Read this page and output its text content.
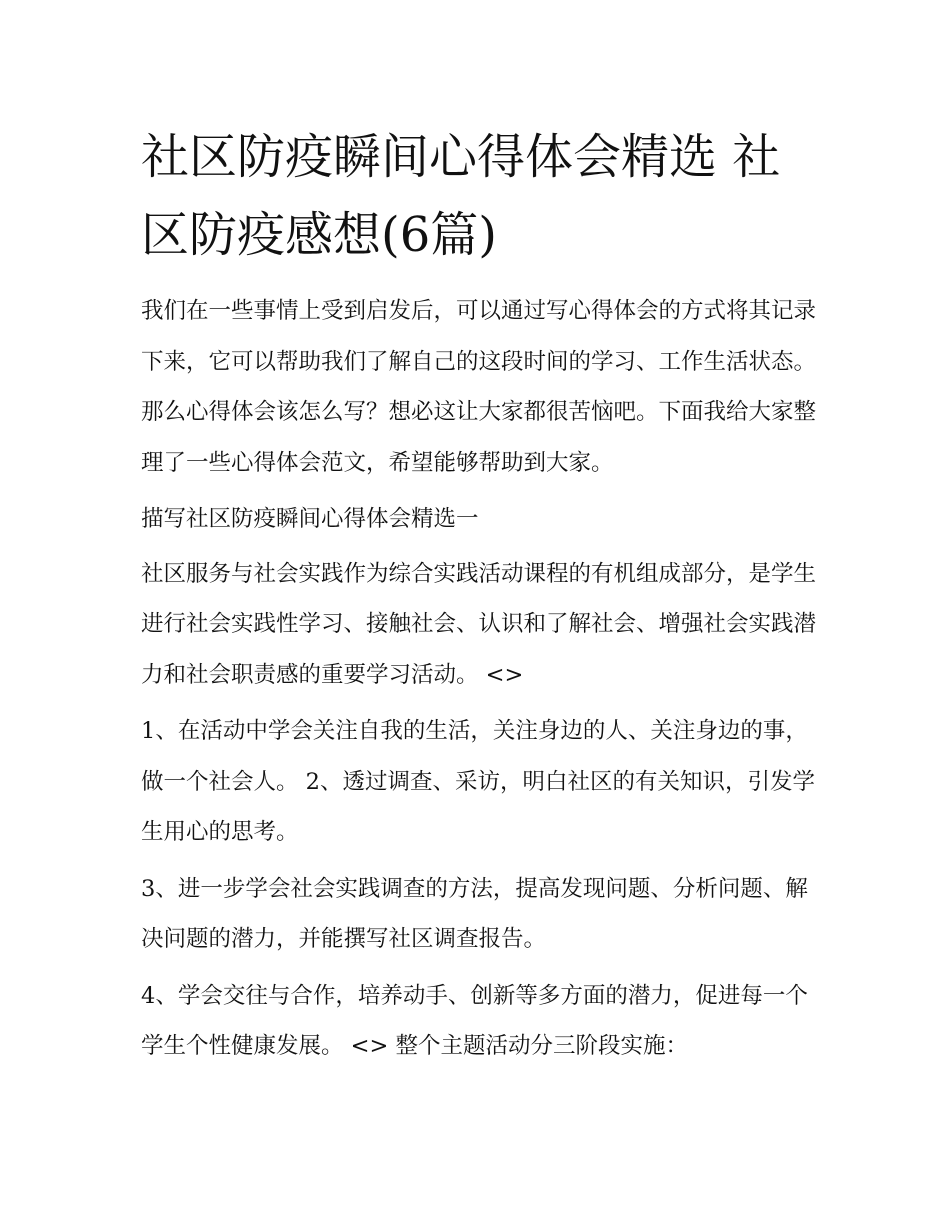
社区防疫瞬间心得体会精选 社区防疫感想(6篇)

我们在一些事情上受到启发后，可以通过写心得体会的方式将其记录下来，它可以帮助我们了解自己的这段时间的学习、工作生活状态。那么心得体会该怎么写？想必这让大家都很苦恼吧。下面我给大家整理了一些心得体会范文，希望能够帮助到大家。

描写社区防疫瞬间心得体会精选一

社区服务与社会实践作为综合实践活动课程的有机组成部分，是学生进行社会实践性学习、接触社会、认识和了解社会、增强社会实践潜力和社会职责感的重要学习活动。 <>

1、在活动中学会关注自我的生活，关注身边的人、关注身边的事，做一个社会人。 2、透过调查、采访，明白社区的有关知识，引发学生用心的思考。

3、进一步学会社会实践调查的方法，提高发现问题、分析问题、解决问题的潜力，并能撰写社区调查报告。

4、学会交往与合作，培养动手、创新等多方面的潜力，促进每一个学生个性健康发展。 <> 整个主题活动分三阶段实施：
